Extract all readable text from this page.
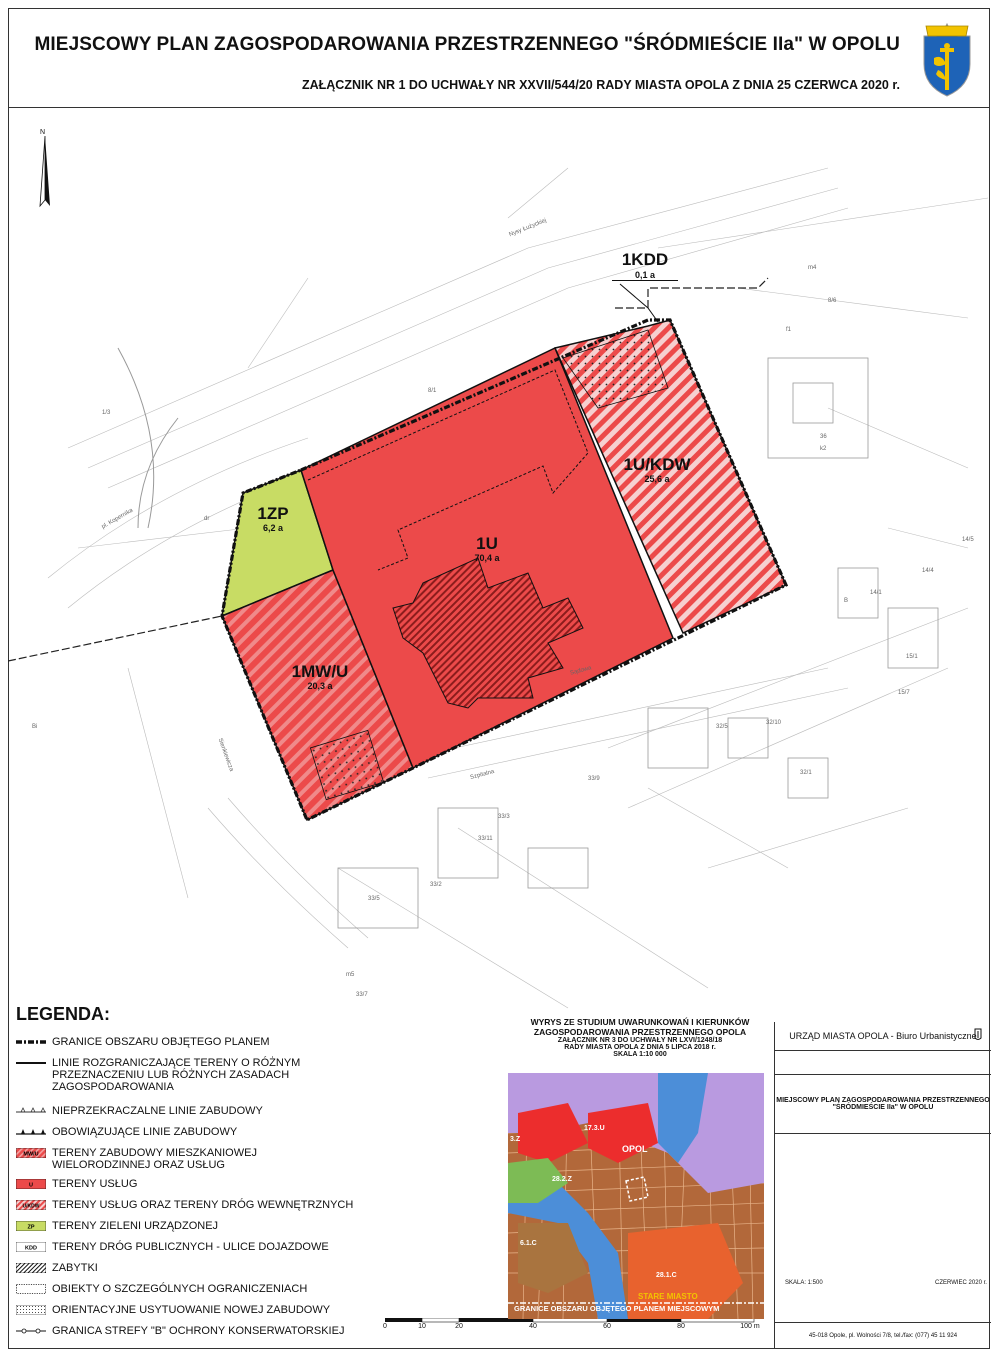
MIEJSCOWY PLAN ZAGOSPODAROWANIA PRZESTRZENNEGO "ŚRÓDMIEŚCIE IIa" W OPOLU
ZAŁĄCZNIK NR 1 DO UCHWAŁY NR XXVII/544/20 RADY MIASTA OPOLA Z DNIA 25 CZERWCA 2020 r.
N
1ZP
6,2 a
1U
70,4 a
1U/KDW
25,6 a
1MW/U
20,3 a
1KDD
0,1 a
Nysy Łużyckiej
pl. Kopernika
Sienkiewicza
Sądowa
Szpitalna
1/3
8/1
8/6
14/5
14/4
14/1
15/1
15/7
32/5
32/10
32/1
33/9
33/3
33/11
33/2
33/5
33/7
36
k2
m4
m5
B
Bi
dr
f1
LEGENDA:
GRANICE OBSZARU OBJĘTEGO PLANEM
LINIE ROZGRANICZAJĄCE TERENY O RÓŻNYM PRZEZNACZENIU LUB RÓŻNYCH ZASADACH ZAGOSPODAROWANIA
NIEPRZEKRACZALNE LINIE ZABUDOWY
OBOWIĄZUJĄCE LINIE ZABUDOWY
MW/U TERENY ZABUDOWY MIESZKANIOWEJ WIELORODZINNEJ ORAZ USŁUG
U TERENY USŁUG
U/KDW TERENY USŁUG ORAZ TERENY DRÓG WEWNĘTRZNYCH
ZP TERENY ZIELENI URZĄDZONEJ
KDD TERENY DRÓG PUBLICZNYCH - ULICE DOJAZDOWE
ZABYTKI
OBIEKTY O SZCZEGÓLNYCH OGRANICZENIACH
ORIENTACYJNE USYTUOWANIE NOWEJ ZABUDOWY
GRANICA STREFY "B" OCHRONY KONSERWATORSKIEJ	0	10	20	40	60	80	100 m
WYRYS ZE STUDIUM UWARUNKOWAŃ I KIERUNKÓW
ZAGOSPODAROWANIA PRZESTRZENNEGO OPOLA
ZAŁĄCZNIK NR 3 DO UCHWAŁY NR LXVI/1248/18
RADY MIASTA OPOLA Z DNIA 5 LIPCA 2018 r.
SKALA 1:10 000
17.3.U
OPOL
28.2.Z
6.1.C
28.1.C
STARE MIASTO
3.Z
GRANICE OBSZARU OBJĘTEGO PLANEM MIEJSCOWYM
URZĄD MIASTA OPOLA - Biuro Urbanistyczne
MIEJSCOWY PLAN ZAGOSPODAROWANIA PRZESTRZENNEGO
"ŚRÓDMIEŚCIE IIa" W OPOLU
SKALA: 1:500	CZERWIEC 2020 r.
45-018 Opole, pl. Wolności 7/8, tel./fax: (077) 45 11 924
